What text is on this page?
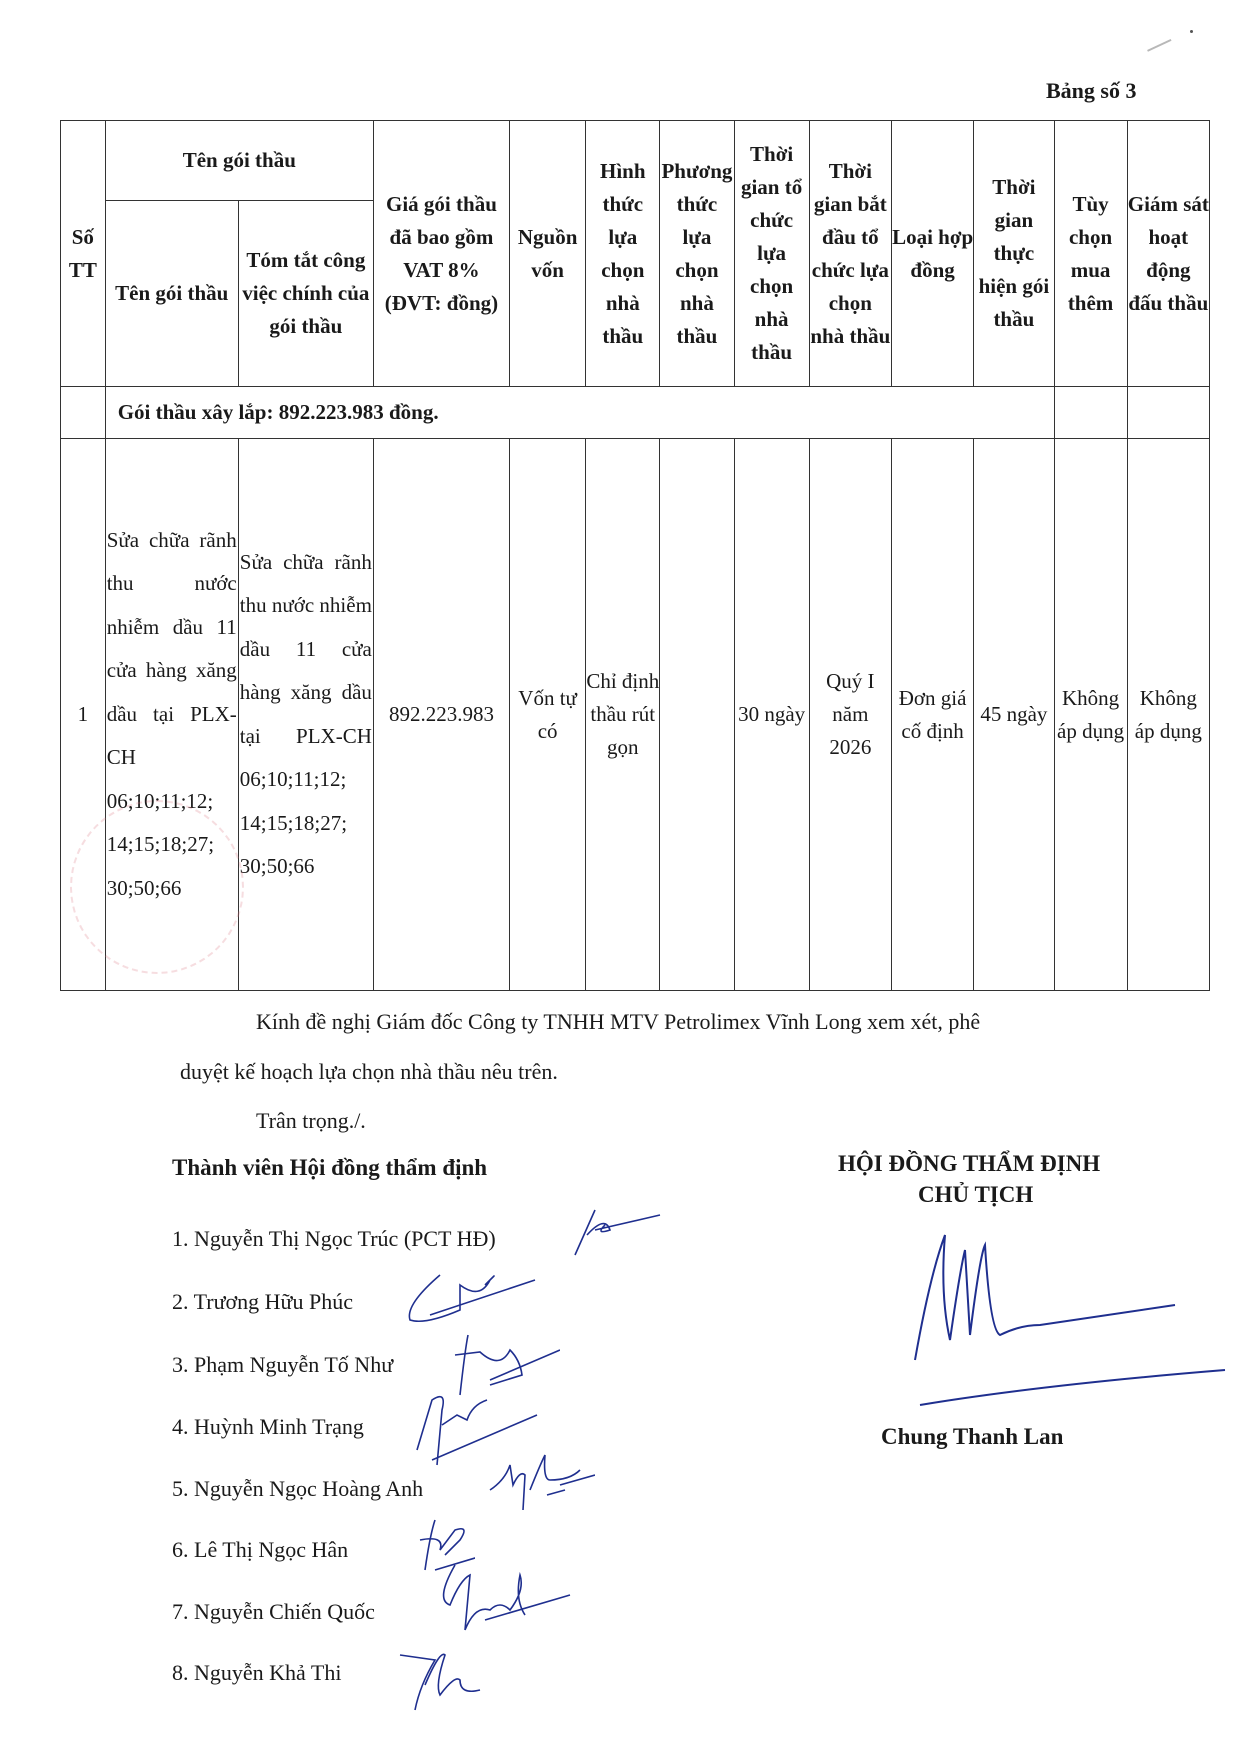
Bảng số 3
Số TT	Tên gói thầu		Giá gói thầu đã bao gồm VAT 8% (ĐVT: đồng)	Nguồn vốn	Hình thức lựa chọn nhà thầu	Phương thức lựa chọn nhà thầu	Thời gian tổ chức lựa chọn nhà thầu	Thời gian bắt đầu tổ chức lựa chọn nhà thầu	Loại hợp đồng	Thời gian thực hiện gói thầu	Tùy chọn mua thêm	Giám sát hoạt động đấu thầu
	Tên gói thầu	Tóm tắt công việc chính của gói thầu										
	Gói thầu xây lắp: 892.223.983 đồng.											
1	Sửa chữa rãnh thu nước nhiễm dầu 11 cửa hàng xăng dầu tại PLX-CH 06;10;11;12; 14;15;18;27; 30;50;66	Sửa chữa rãnh thu nước nhiễm dầu 11 cửa hàng xăng dầu tại PLX-CH 06;10;11;12; 14;15;18;27; 30;50;66	892.223.983	Vốn tự có	Chỉ định thầu rút gọn		30 ngày	Quý I năm 2026	Đơn giá cố định	45 ngày	Không áp dụng	Không áp dụng
Kính đề nghị Giám đốc Công ty TNHH MTV Petrolimex Vĩnh Long xem xét, phê
duyệt kế hoạch lựa chọn nhà thầu nêu trên.
Trân trọng./.
Thành viên Hội đồng thẩm định
1. Nguyễn Thị Ngọc Trúc (PCT HĐ)
2. Trương Hữu Phúc
3. Phạm Nguyễn Tố Như
4. Huỳnh Minh Trạng
5. Nguyễn Ngọc Hoàng Anh
6. Lê Thị Ngọc Hân
7. Nguyễn Chiến Quốc
8. Nguyễn Khả Thi
HỘI ĐỒNG THẨM ĐỊNH
CHỦ TỊCH
Chung Thanh Lan
